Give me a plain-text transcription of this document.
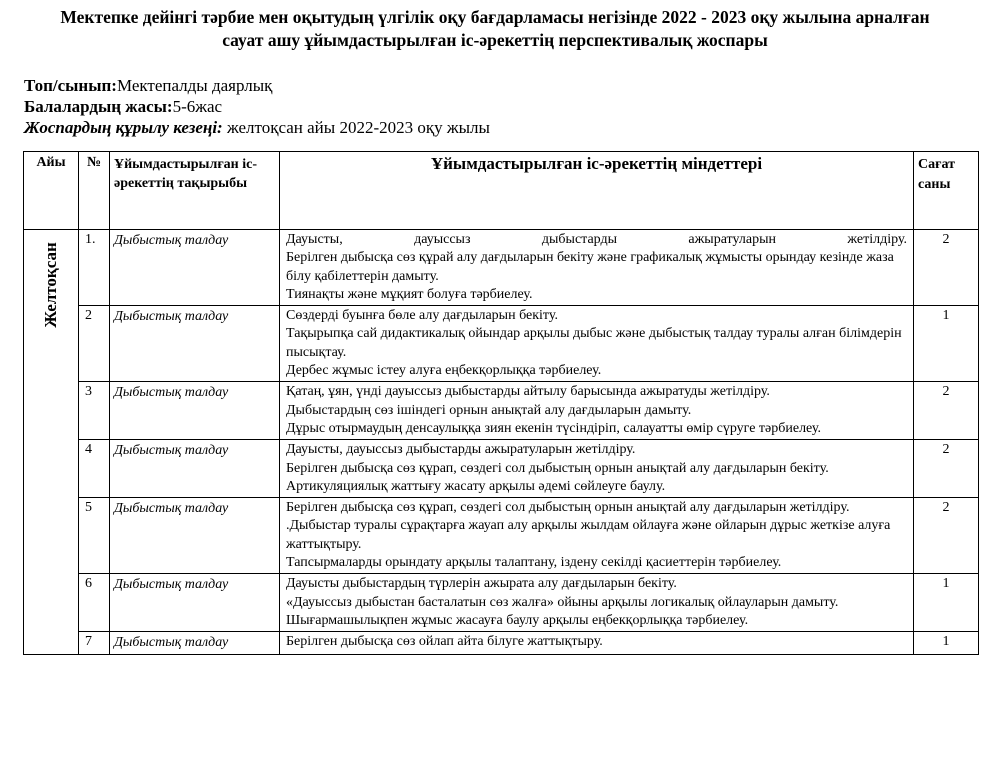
Мектепке дейінгі тәрбие мен оқытудың үлгілік оқу бағдарламасы негізінде 2022 - 2023 оқу жылына арналған сауат ашу ұйымдастырылған іс-әрекеттің перспективалық жоспары
Топ/сынып:Мектепалды даярлық
Балалардың жасы:5-6жас
Жоспардың құрылу кезеңі: желтоқсан айы 2022-2023 оқу жылы
Айы	№	Ұйымдастырылған іс-әрекеттің тақырыбы	Ұйымдастырылған іс-әрекеттің міндеттері	Сағат саны

Желтоқсан	1.	Дыбыстық талдау	Дауысты, дауыссыз дыбыстарды ажыратуларын жетілдіру.
Берілген дыбысқа сөз құрай алу дағдыларын бекіту және графикалық жұмысты орындау кезінде жаза білу қабілеттерін дамыту.
Тиянақты және мұқият болуға тәрбиелеу.	2
	2	Дыбыстық талдау	Сөздерді буынға бөле алу дағдыларын бекіту.
Тақырыпқа сай дидактикалық ойындар арқылы дыбыс және дыбыстық талдау туралы алған білімдерін пысықтау.
Дербес жұмыс істеу алуға еңбекқорлыққа тәрбиелеу.	1
	3	Дыбыстық талдау	Қатаң, ұян, үнді дауыссыз дыбыстарды айтылу барысында ажыратуды жетілдіру.
Дыбыстардың сөз ішіндегі орнын анықтай алу дағдыларын дамыту.
Дұрыс отырмаудың денсаулыққа зиян екенін түсіндіріп, салауатты өмір сүруге тәрбиелеу.	2
	4	Дыбыстық талдау	Дауысты, дауыссыз дыбыстарды ажыратуларын жетілдіру.
Берілген дыбысқа сөз құрап, сөздегі сол дыбыстың орнын анықтай алу дағдыларын бекіту.
Артикуляциялық жаттығу жасату арқылы әдемі сөйлеуге баулу.	2
	5	Дыбыстық талдау	Берілген дыбысқа сөз құрап, сөздегі сол дыбыстың орнын анықтай алу дағдыларын жетілдіру.
.Дыбыстар туралы сұрақтарға жауап алу арқылы жылдам ойлауға және ойларын дұрыс жеткізе алуға жаттықтыру.
Тапсырмаларды орындату арқылы талаптану, іздену секілді қасиеттерін тәрбиелеу.	2
	6	Дыбыстық талдау	Дауысты дыбыстардың түрлерін ажырата алу дағдыларын бекіту.
«Дауыссыз дыбыстан басталатын сөз жалға» ойыны арқылы логикалық ойлауларын дамыту.
Шығармашылықпен жұмыс жасауға баулу арқылы еңбекқорлыққа тәрбиелеу.	1
	7	Дыбыстық талдау	Берілген дыбысқа сөз ойлап айта білуге жаттықтыру.	1
